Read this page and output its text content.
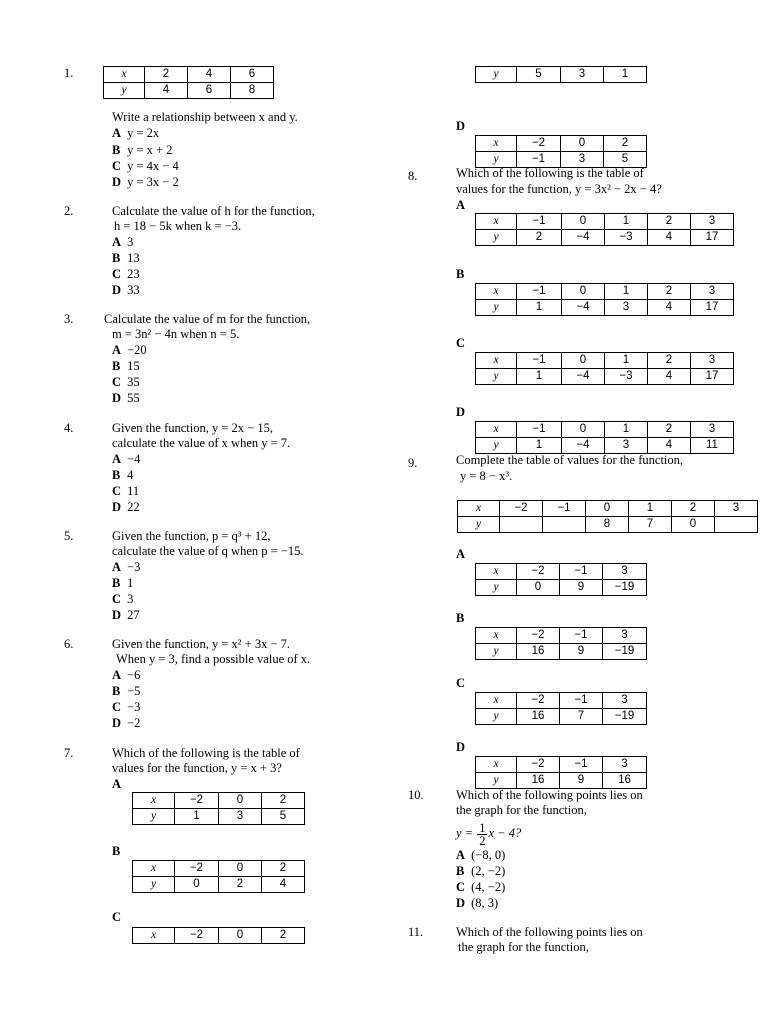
1.	x	2	4	6
y	4	6	8
Write a relationship between x and y.
A y = 2x
B y = x + 2
C y = 4x − 4
D y = 3x − 2
2.	Calculate the value of h for the function,
h = 18 − 5k when k = −3.
A 3
B 13
C 23
D 33
3. Calculate the value of m for the function,
m = 3n² − 4n when n = 5.
A −20
B 15
C 35
D 55
4.	Given the function, y = 2x − 15,
calculate the value of x when y = 7.
A −4
B 4
C 11
D 22
5.	Given the function, p = q³ + 12,
calculate the value of q when p = −15.
A −3
B 1
C 3
D 27
6.	Given the function, y = x² + 3x − 7.
When y = 3, find a possible value of x.
A −6
B −5
C −3
D −2
7.	Which of the following is the table of
values for the function, y = x + 3?
A
x	−2	0	2
y	1	3	5
B
x	−2	0	2
y	0	2	4
C
x	−2	0	2
y	5	3	1
D
x	−2	0	2
y	−1	3	5
8.	Which of the following is the table of
values for the function, y = 3x² − 2x − 4?
A
x	−1	0	1	2	3
y	2	−4	−3	4	17
B
x	−1	0	1	2	3
y	1	−4	3	4	17
C
x	−1	0	1	2	3
y	1	−4	−3	4	17
D
x	−1	0	1	2	3
y	1	−4	3	4	11
9.	Complete the table of values for the function,
y = 8 − x³.
x	−2	−1	0	1	2	3
y			8	7	0	
A
x	−2	−1	3
y	0	9	−19
B
x	−2	−1	3
y	16	9	−19
C
x	−2	−1	3
y	16	7	−19
D
x	−2	−1	3
y	16	9	16
10.	Which of the following points lies on
the graph for the function,
$y = \frac{1}{2}$ x − 4?
A (−8, 0)
B (2, −2)
C (4, −2)
D (8, 3)
11.	Which of the following points lies on
the graph for the function,
